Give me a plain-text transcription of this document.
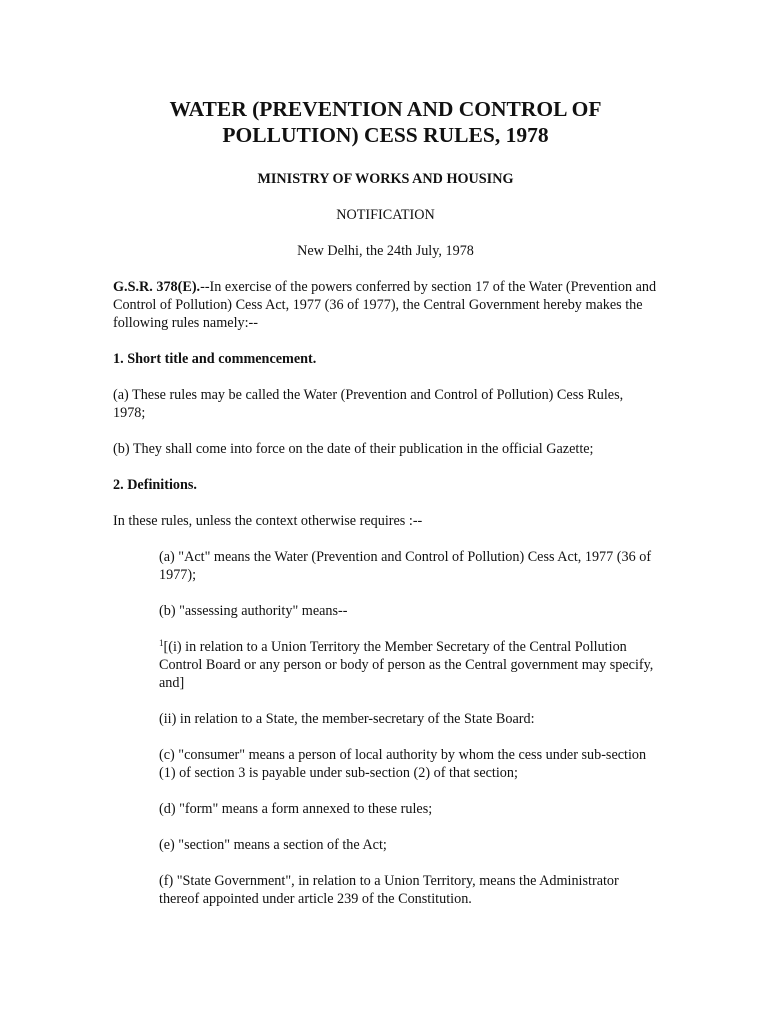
WATER (PREVENTION AND CONTROL OF
POLLUTION) CESS RULES, 1978
MINISTRY OF WORKS AND HOUSING
NOTIFICATION
New Delhi, the 24th July, 1978

G.S.R. 378(E).--In exercise of the powers conferred by section 17 of the Water (Prevention and Control of Pollution) Cess Act, 1977 (36 of 1977), the Central Government hereby makes the following rules namely:--

1. Short title and commencement.

(a) These rules may be called the Water (Prevention and Control of Pollution) Cess Rules, 1978;

(b) They shall come into force on the date of their publication in the official Gazette;

2. Definitions.

In these rules, unless the context otherwise requires :--

(a) "Act" means the Water (Prevention and Control of Pollution) Cess Act, 1977 (36 of 1977);

(b) "assessing authority" means--

$^1$[(i) in relation to a Union Territory the Member Secretary of the Central Pollution Control Board or any person or body of person as the Central government may specify, and]

(ii) in relation to a State, the member-secretary of the State Board:

(c) "consumer" means a person of local authority by whom the cess under sub-section (1) of section 3 is payable under sub-section (2) of that section;

(d) "form" means a form annexed to these rules;

(e) "section" means a section of the Act;

(f) "State Government", in relation to a Union Territory, means the Administrator thereof appointed under article 239 of the Constitution.
